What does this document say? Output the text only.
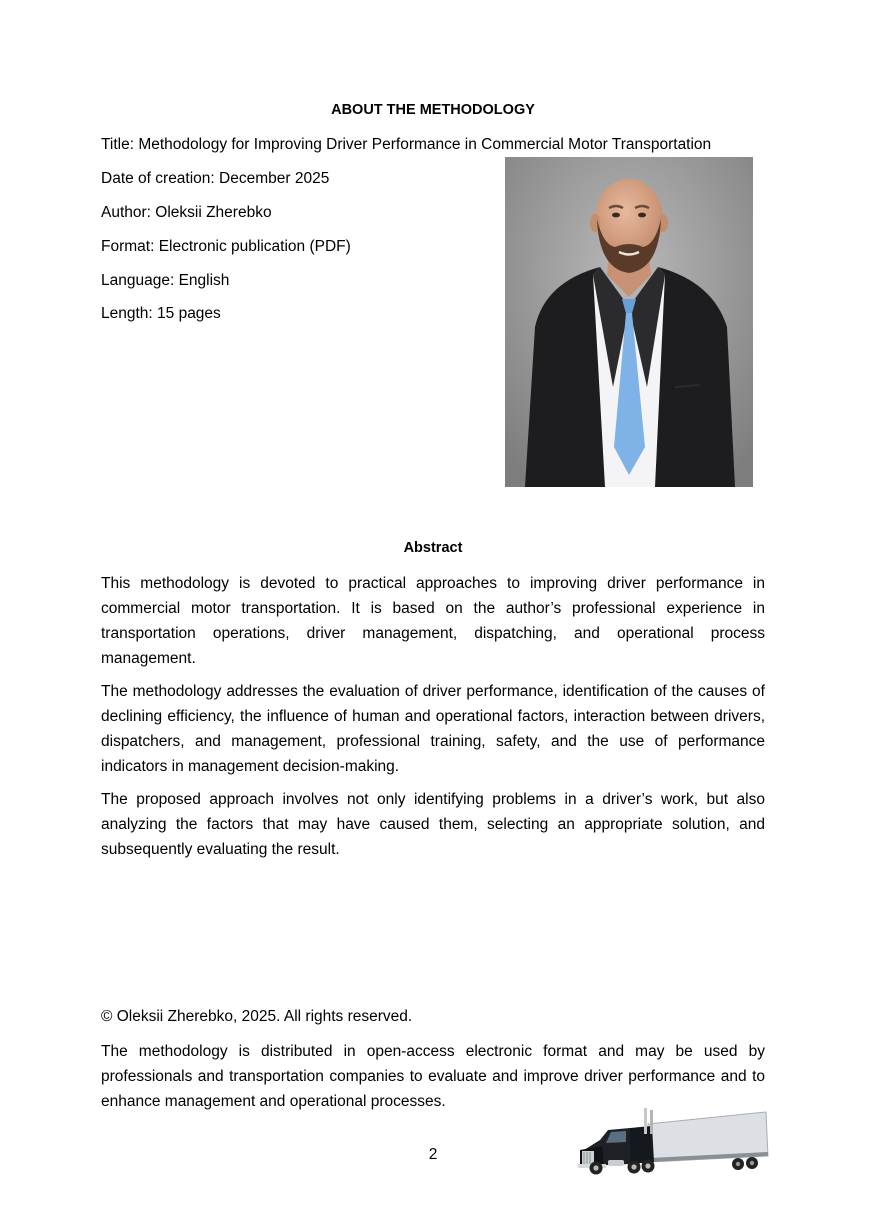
ABOUT THE METHODOLOGY
Title: Methodology for Improving Driver Performance in Commercial Motor Transportation
Date of creation: December 2025
Author: Oleksii Zherebko
Format: Electronic publication (PDF)
Language: English
Length: 15 pages
Abstract
This methodology is devoted to practical approaches to improving driver performance in commercial motor transportation. It is based on the author’s professional experience in transportation operations, driver management, dispatching, and operational process management.
The methodology addresses the evaluation of driver performance, identification of the causes of declining efficiency, the influence of human and operational factors, interaction between drivers, dispatchers, and management, professional training, safety, and the use of performance indicators in management decision-making.
The proposed approach involves not only identifying problems in a driver’s work, but also analyzing the factors that may have caused them, selecting an appropriate solution, and subsequently evaluating the result.
© Oleksii Zherebko, 2025. All rights reserved.
The methodology is distributed in open-access electronic format and may be used by professionals and transportation companies to evaluate and improve driver performance and to enhance management and operational processes.
2
